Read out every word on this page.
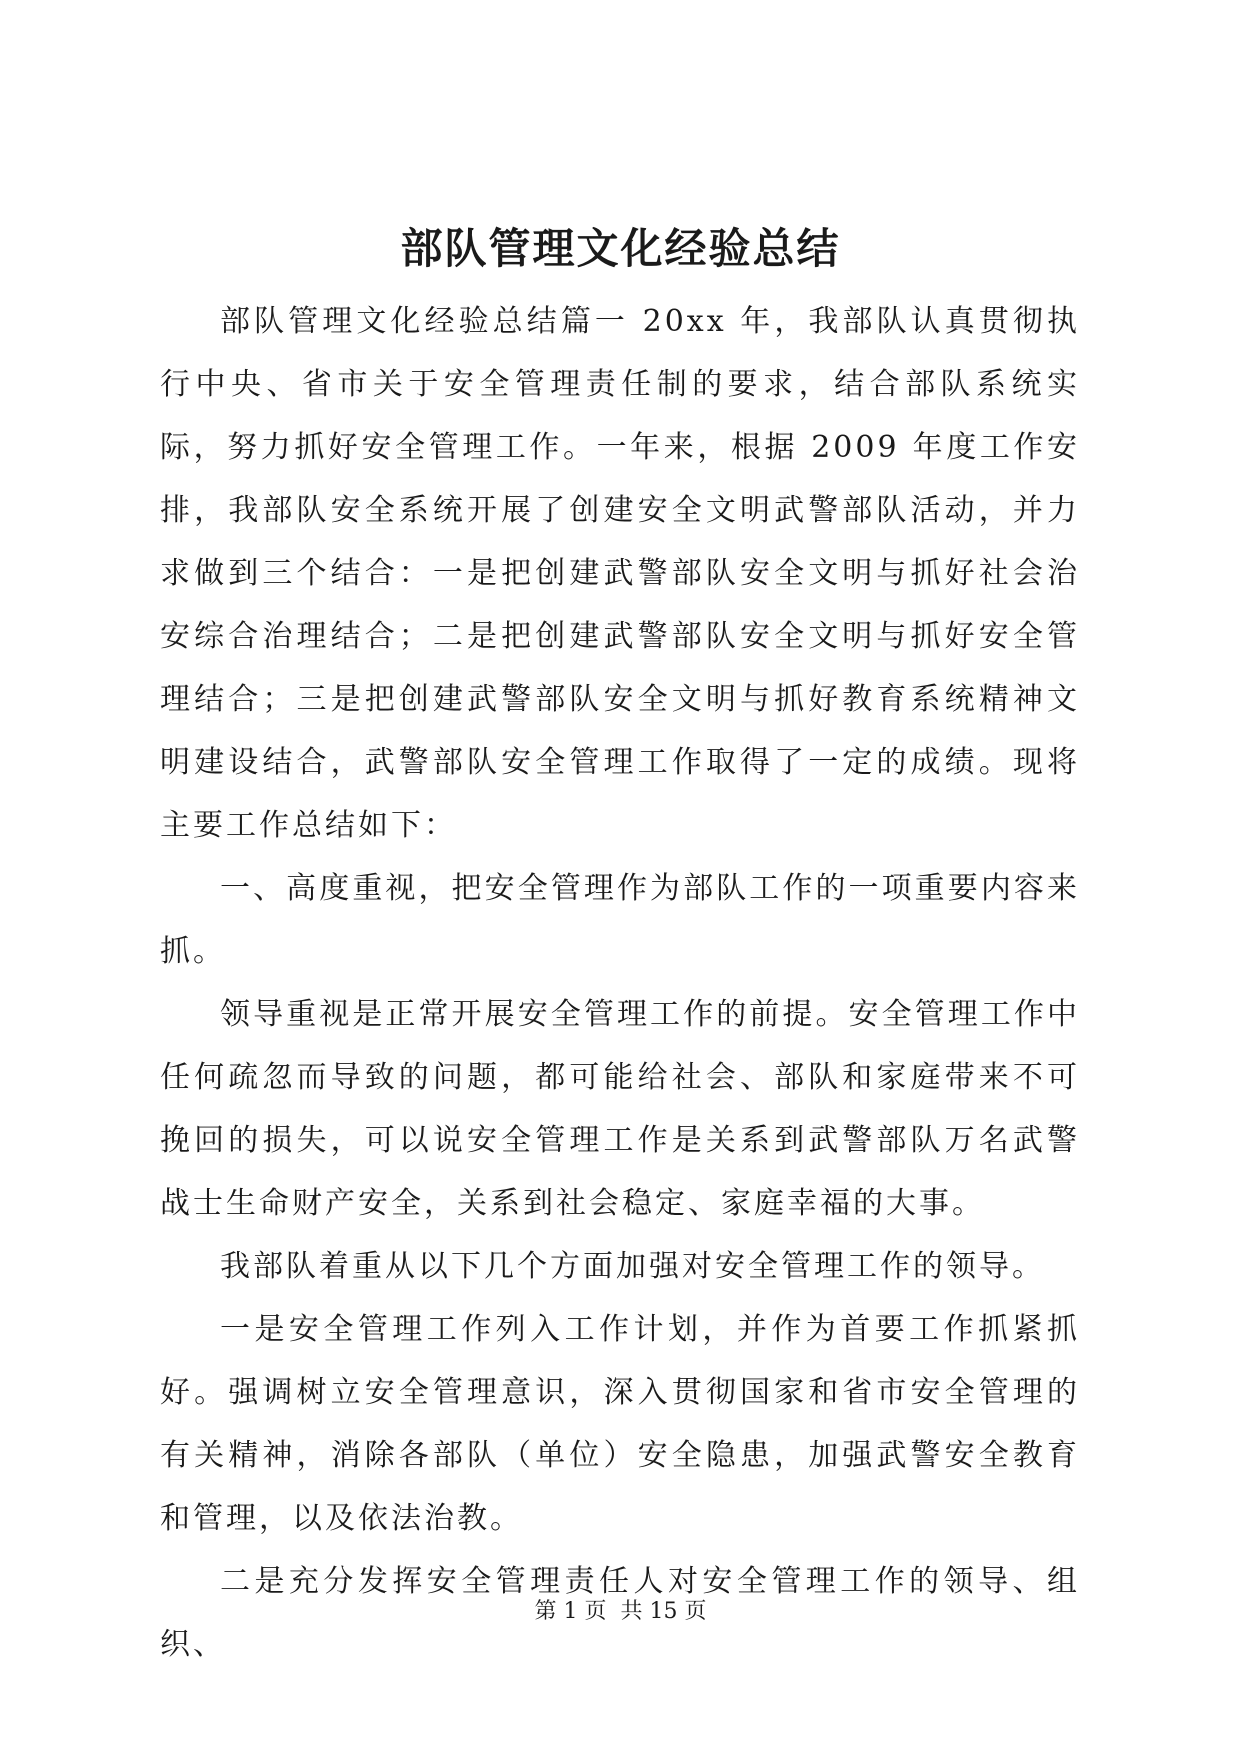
部队管理文化经验总结

部队管理文化经验总结篇一 20xx 年，我部队认真贯彻执行中央、省市关于安全管理责任制的要求，结合部队系统实际，努力抓好安全管理工作。一年来，根据 2009 年度工作安排，我部队安全系统开展了创建安全文明武警部队活动，并力求做到三个结合：一是把创建武警部队安全文明与抓好社会治安综合治理结合；二是把创建武警部队安全文明与抓好安全管理结合；三是把创建武警部队安全文明与抓好教育系统精神文明建设结合，武警部队安全管理工作取得了一定的成绩。现将主要工作总结如下：

一、高度重视，把安全管理作为部队工作的一项重要内容来抓。

领导重视是正常开展安全管理工作的前提。安全管理工作中任何疏忽而导致的问题，都可能给社会、部队和家庭带来不可挽回的损失，可以说安全管理工作是关系到武警部队万名武警战士生命财产安全，关系到社会稳定、家庭幸福的大事。

我部队着重从以下几个方面加强对安全管理工作的领导。

一是安全管理工作列入工作计划，并作为首要工作抓紧抓好。强调树立安全管理意识，深入贯彻国家和省市安全管理的有关精神，消除各部队（单位）安全隐患，加强武警安全教育和管理，以及依法治教。

二是充分发挥安全管理责任人对安全管理工作的领导、组织、

第 1 页  共 15 页
